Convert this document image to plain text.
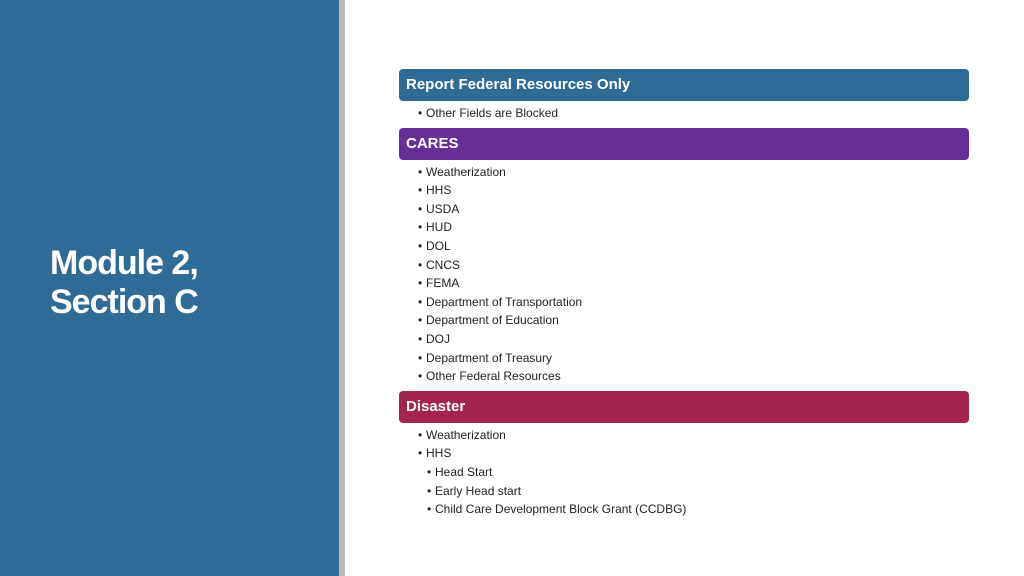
Module 2,
Section C
Report Federal Resources Only
• Other Fields are Blocked
CARES
• Weatherization
• HHS
• USDA
• HUD
• DOL
• CNCS
• FEMA
• Department of Transportation
• Department of Education
• DOJ
• Department of Treasury
• Other Federal Resources
Disaster
• Weatherization
• HHS
• Head Start
• Early Head start
• Child Care Development Block Grant (CCDBG)
